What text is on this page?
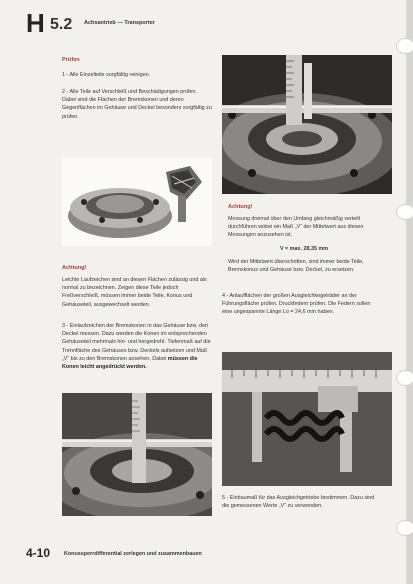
H 5.2 Achsantrieb — Transporter
Prüfen
1 - Alle Einzelteile sorgfältig reinigen.
2 - Alle Teile auf Verschleiß und Beschädigungen prüfen. Dabei sind die Flächen der Bremskonen und deren Gegenflächen im Gehäuse und Deckel besonders sorgfältig zu prüfen.
Achtung!
Leichte Laufzeichen sind an diesen Flächen zulässig und als normal zu bezeichnen. Zeigen diese Teile jedoch Freßverschleiß, müssen immer beide Teile, Konus und Gehäuseteil, ausgewechselt werden.
3 - Einlaufzeichen der Bremskonen in das Gehäuse bzw. den Deckel messen. Dazu werden die Konen im entsprechenden Gehäuseteil mehrmals hin- und hergedreht. Tiefenmaß auf die Trennfläche des Gehäuses bzw. Deckels aufsetzen und Maß „V“ bis zu den Bremskonen ansehen. Dabei müssen die Konen leicht angedrückt werden.
Achtung!
Messung dreimal über den Umfang gleichmäßig verteilt durchführen wobei ein Maß „V“ der Mittelwert aus diesen Messungen anzusehen ist.
V = max. 28,35 mm
Wird der Mittelwert überschritten, sind immer beide Teile, Bremskonus und Gehäuse bzw. Deckel, zu ersetzen.
4 - Anlaufflächen der großen Ausgleichkegelräder an der Führungsfläche prüfen. Druckfedern prüfen. Die Federn sollen eine ungespannte Länge Lo = 24,6 mm haben.
5 - Einbaumaß für das Ausgleichgetriebe bestimmen. Dazu sind die gemessenen Werte „V“ zu verwenden.
4-10	Konussperrdifferential zerlegen und zusammenbauen
